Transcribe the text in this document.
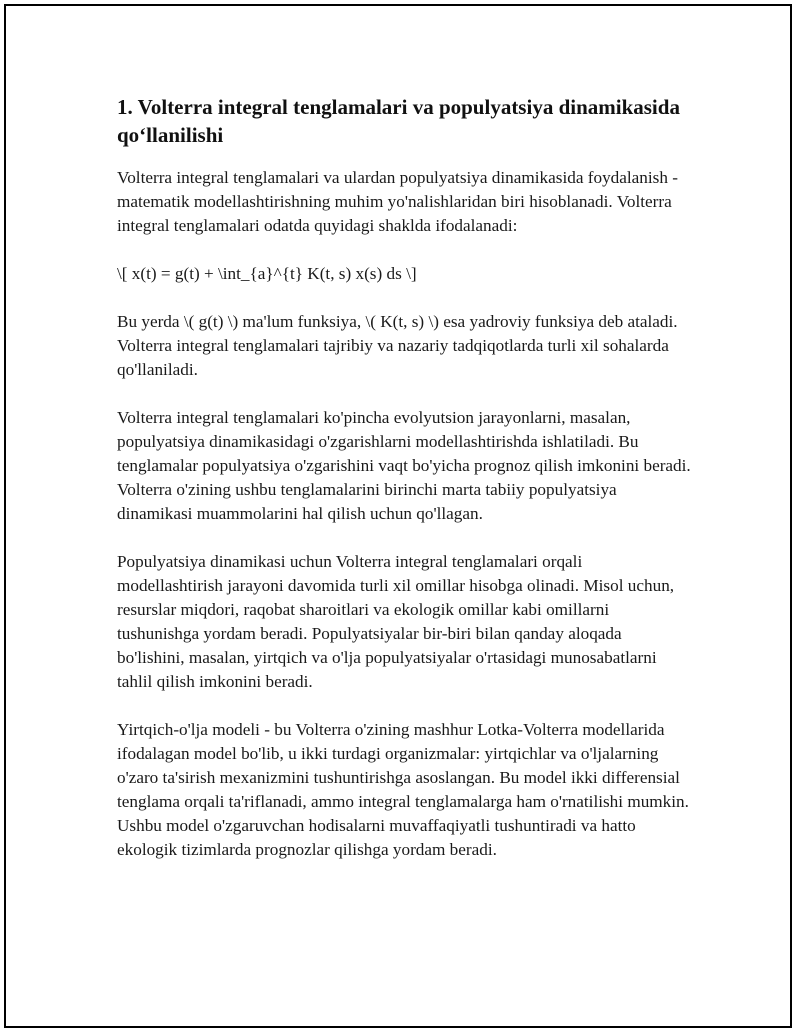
1. Volterra integral tenglamalari va populyatsiya dinamikasida qo‘llanilishi

Volterra integral tenglamalari va ulardan populyatsiya dinamikasida foydalanish - matematik modellashtirishning muhim yo'nalishlaridan biri hisoblanadi. Volterra integral tenglamalari odatda quyidagi shaklda ifodalanadi:

\[ x(t) = g(t) + \int_{a}^{t} K(t, s) x(s) ds \]

Bu yerda \( g(t) \) ma'lum funksiya, \( K(t, s) \) esa yadroviy funksiya deb ataladi. Volterra integral tenglamalari tajribiy va nazariy tadqiqotlarda turli xil sohalarda qo'llaniladi.

Volterra integral tenglamalari ko'pincha evolyutsion jarayonlarni, masalan, populyatsiya dinamikasidagi o'zgarishlarni modellashtirishda ishlatiladi. Bu tenglamalar populyatsiya o'zgarishini vaqt bo'yicha prognoz qilish imkonini beradi. Volterra o'zining ushbu tenglamalarini birinchi marta tabiiy populyatsiya dinamikasi muammolarini hal qilish uchun qo'llagan.

Populyatsiya dinamikasi uchun Volterra integral tenglamalari orqali modellashtirish jarayoni davomida turli xil omillar hisobga olinadi. Misol uchun, resurslar miqdori, raqobat sharoitlari va ekologik omillar kabi omillarni tushunishga yordam beradi. Populyatsiyalar bir-biri bilan qanday aloqada bo'lishini, masalan, yirtqich va o'lja populyatsiyalar o'rtasidagi munosabatlarni tahlil qilish imkonini beradi.

Yirtqich-o'lja modeli - bu Volterra o'zining mashhur Lotka-Volterra modellarida ifodalagan model bo'lib, u ikki turdagi organizmalar: yirtqichlar va o'ljalarning o'zaro ta'sirish mexanizmini tushuntirishga asoslangan. Bu model ikki differensial tenglama orqali ta'riflanadi, ammo integral tenglamalarga ham o'rnatilishi mumkin. Ushbu model o'zgaruvchan hodisalarni muvaffaqiyatli tushuntiradi va hatto ekologik tizimlarda prognozlar qilishga yordam beradi.
